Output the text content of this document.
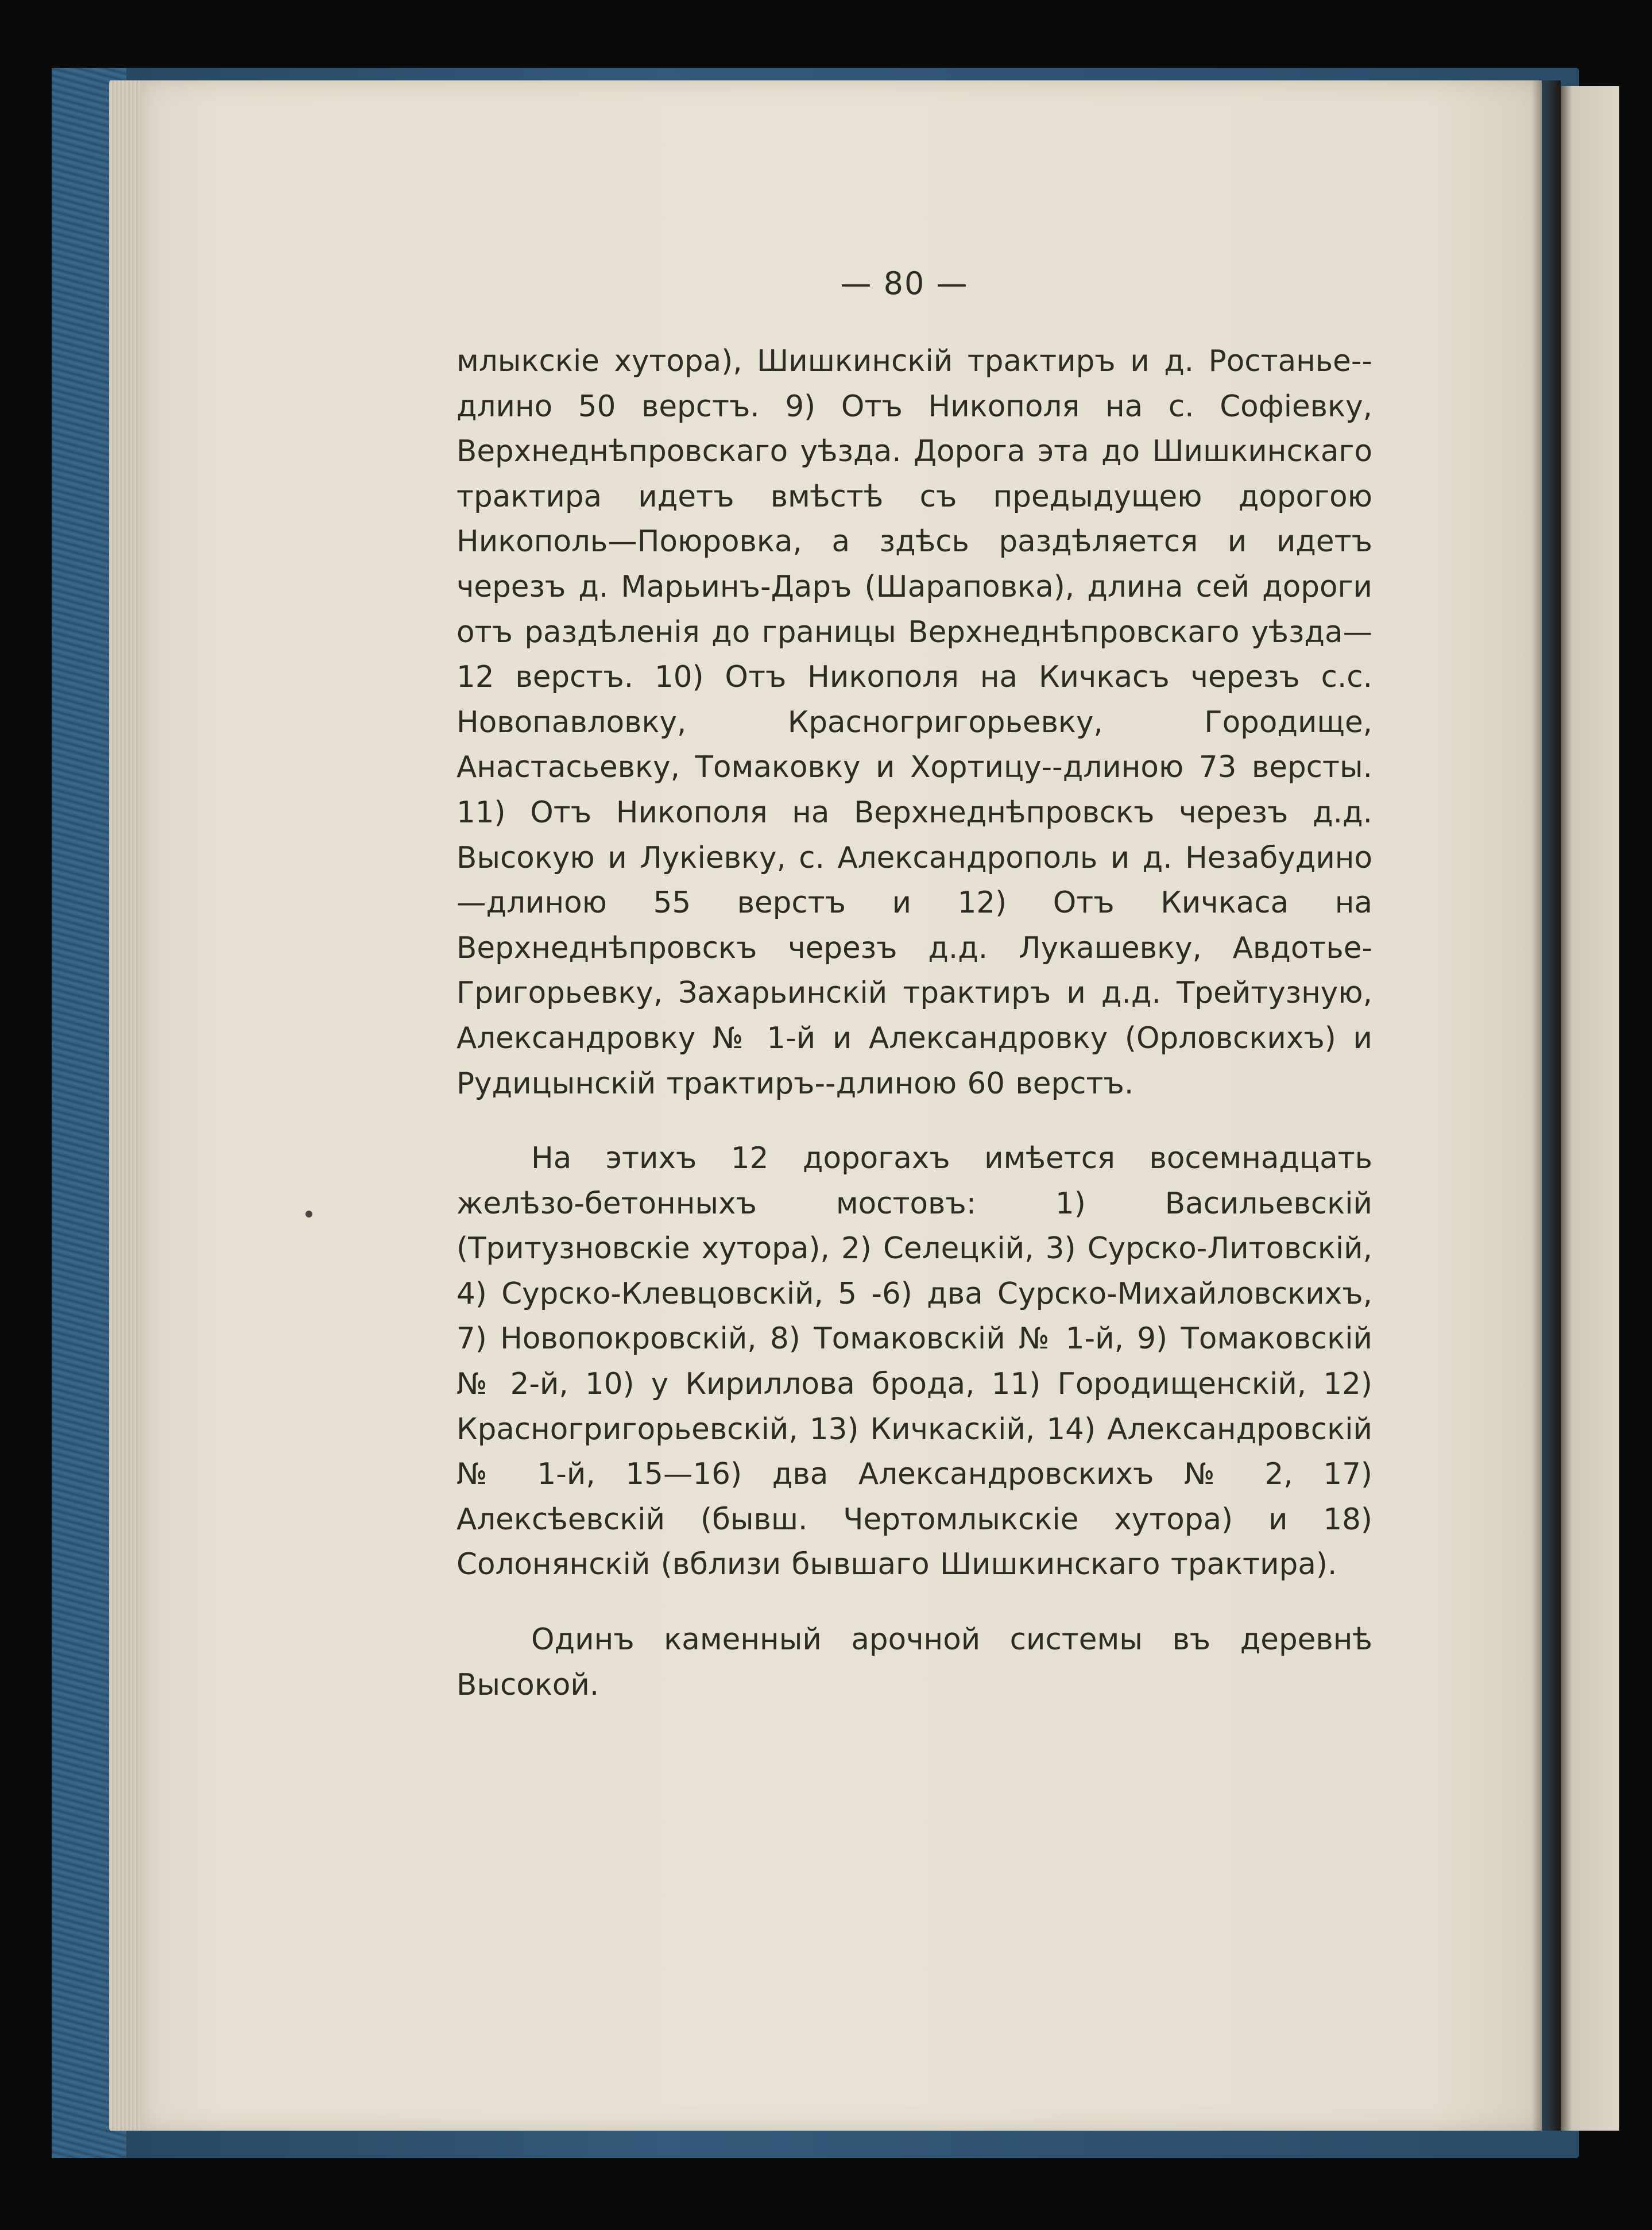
— 80 —

млыкскіе хутора), Шишкинскій трактиръ и д. Ростанье--длино 50 верстъ. 9) Отъ Никополя на с. Софіевку, Верхнеднѣпровскаго уѣзда. Дорога эта до Шишкинскаго трактира идетъ вмѣстѣ съ предыдущею дорогою Никополь—Поюровка, а здѣсь раздѣляется и идетъ черезъ д. Марьинъ-Даръ (Шараповка), длина сей дороги отъ раздѣленія до границы Верхнеднѣпровскаго уѣзда— 12 верстъ. 10) Отъ Никополя на Кичкасъ черезъ с.с. Новопавловку, Красногригорьевку, Городище, Анастасьевку, Томаковку и Хортицу--длиною 73 версты. 11) Отъ Никополя на Верхнеднѣпровскъ черезъ д.д. Высокую и Лукіевку, с. Александрополь и д. Незабудино—длиною 55 верстъ и 12) Отъ Кичкаса на Верхнеднѣпровскъ черезъ д.д. Лукашевку, Авдотье-Григорьевку, Захарьинскій трактиръ и д.д. Трейтузную, Александровку № 1-й и Александровку (Орловскихъ) и Рудицынскій трактиръ--длиною 60 верстъ.

На этихъ 12 дорогахъ имѣется восемнадцать желѣзо-бетонныхъ мостовъ: 1) Васильевскій (Тритузновскіе хутора), 2) Селецкій, 3) Сурско-Литовскій, 4) Сурско-Клевцовскій, 5 -6) два Сурско-Михайловскихъ, 7) Новопокровскій, 8) Томаковскій № 1-й, 9) Томаковскій № 2-й, 10) у Кириллова брода, 11) Городищенскій, 12) Красногригорьевскій, 13) Кичкаскій, 14) Александровскій № 1-й, 15—16) два Александровскихъ № 2, 17) Алексѣевскій (бывш. Чертомлыкскіе хутора) и 18) Солонянскій (вблизи бывшаго Шишкинскаго трактира).

Одинъ каменный арочной системы въ деревнѣ Высокой.
